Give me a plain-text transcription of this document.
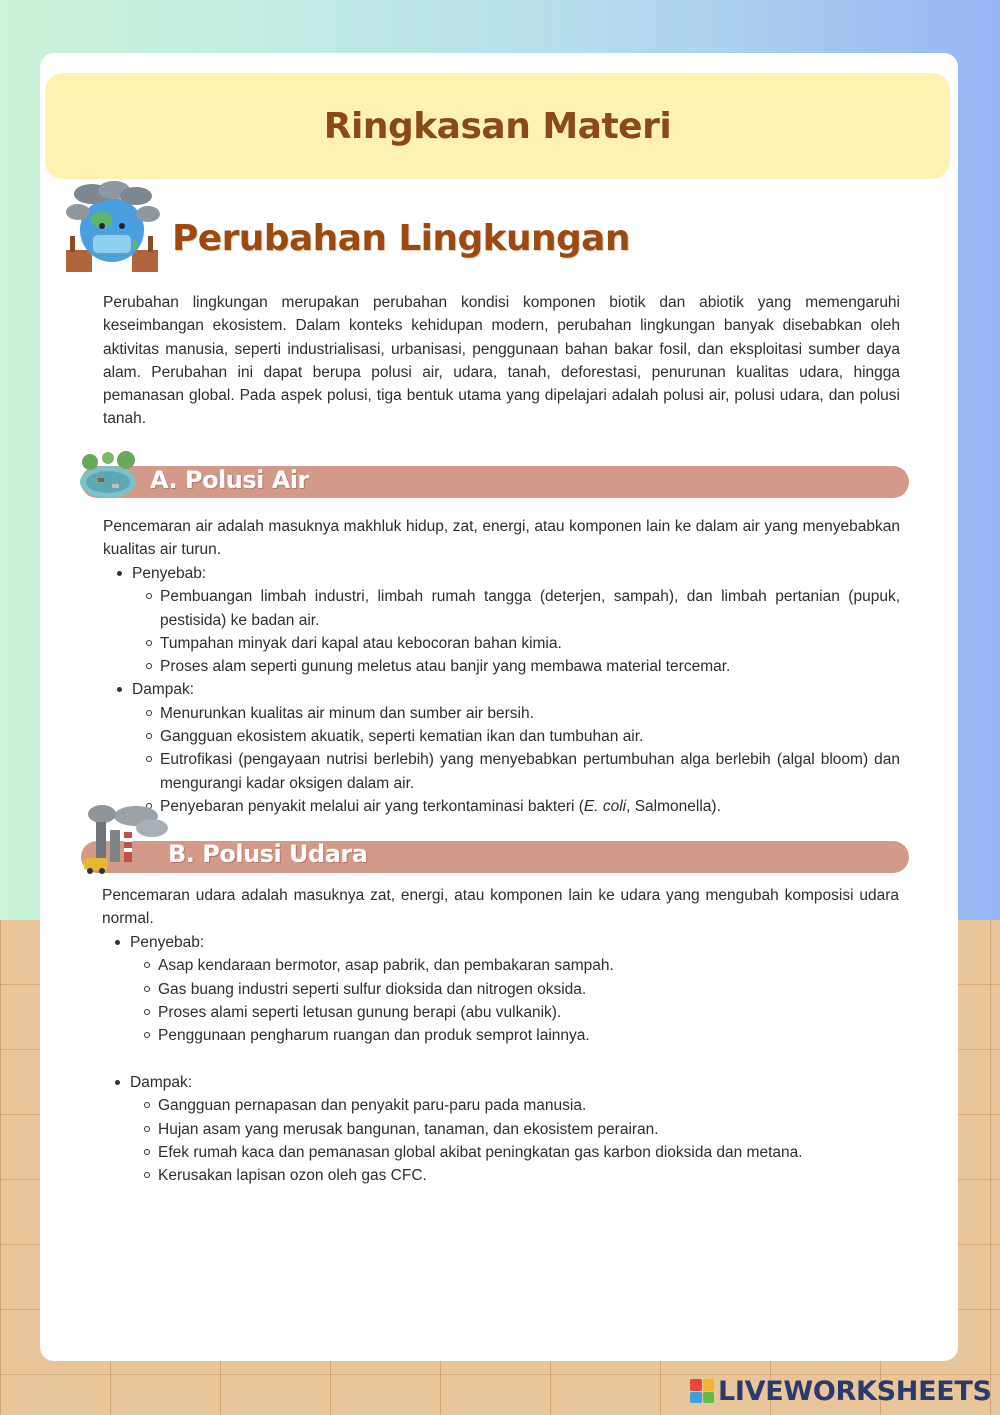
Ringkasan Materi
Perubahan Lingkungan

Perubahan lingkungan merupakan perubahan kondisi komponen biotik dan abiotik yang memengaruhi keseimbangan ekosistem. Dalam konteks kehidupan modern, perubahan lingkungan banyak disebabkan oleh aktivitas manusia, seperti industrialisasi, urbanisasi, penggunaan bahan bakar fosil, dan eksploitasi sumber daya alam. Perubahan ini dapat berupa polusi air, udara, tanah, deforestasi, penurunan kualitas udara, hingga pemanasan global. Pada aspek polusi, tiga bentuk utama yang dipelajari adalah polusi air, polusi udara, dan polusi tanah.

A. Polusi Air

Pencemaran air adalah masuknya makhluk hidup, zat, energi, atau komponen lain ke dalam air yang menyebabkan kualitas air turun.

Penyebab:
Pembuangan limbah industri, limbah rumah tangga (deterjen, sampah), dan limbah pertanian (pupuk, pestisida) ke badan air.
Tumpahan minyak dari kapal atau kebocoran bahan kimia.
Proses alam seperti gunung meletus atau banjir yang membawa material tercemar.
Dampak:
Menurunkan kualitas air minum dan sumber air bersih.
Gangguan ekosistem akuatik, seperti kematian ikan dan tumbuhan air.
Eutrofikasi (pengayaan nutrisi berlebih) yang menyebabkan pertumbuhan alga berlebih (algal bloom) dan mengurangi kadar oksigen dalam air.
Penyebaran penyakit melalui air yang terkontaminasi bakteri (E. coli, Salmonella).
B. Polusi Udara

Pencemaran udara adalah masuknya zat, energi, atau komponen lain ke udara yang mengubah komposisi udara normal.

Penyebab:
Asap kendaraan bermotor, asap pabrik, dan pembakaran sampah.
Gas buang industri seperti sulfur dioksida dan nitrogen oksida.
Proses alami seperti letusan gunung berapi (abu vulkanik).
Penggunaan pengharum ruangan dan produk semprot lainnya.
Dampak:
Gangguan pernapasan dan penyakit paru-paru pada manusia.
Hujan asam yang merusak bangunan, tanaman, dan ekosistem perairan.
Efek rumah kaca dan pemanasan global akibat peningkatan gas karbon dioksida dan metana.
Kerusakan lapisan ozon oleh gas CFC.
LIVEWORKSHEETS
